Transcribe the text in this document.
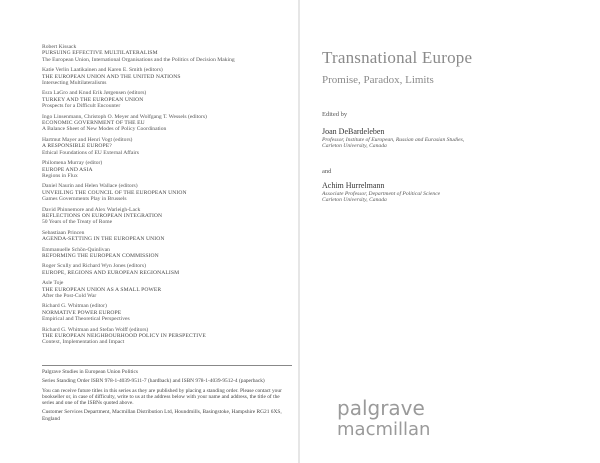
Robert Kissack
PURSUING EFFECTIVE MULTILATERALISM
The European Union, International Organisations and the Politics of Decision Making
Katie Verlin Laatikainen and Karen E. Smith (editors)
THE EUROPEAN UNION AND THE UNITED NATIONS
Intersecting Multilateralisms
Esra LaGro and Knud Erik Jørgensen (editors)
TURKEY AND THE EUROPEAN UNION
Prospects for a Difficult Encounter
Ingo Linsenmann, Christoph O. Meyer and Wolfgang T. Wessels (editors)
ECONOMIC GOVERNMENT OF THE EU
A Balance Sheet of New Modes of Policy Coordination
Hartmut Mayer and Henri Vogt (editors)
A RESPONSIBLE EUROPE?
Ethical Foundations of EU External Affairs
Philomena Murray (editor)
EUROPE AND ASIA
Regions in Flux
Daniel Naurin and Helen Wallace (editors)
UNVEILING THE COUNCIL OF THE EUROPEAN UNION
Games Governments Play in Brussels
David Phinnemore and Alex Warleigh-Lack
REFLECTIONS ON EUROPEAN INTEGRATION
50 Years of the Treaty of Rome
Sebastiaan Princen
AGENDA-SETTING IN THE EUROPEAN UNION
Emmanuelle Schön-Quinlivan
REFORMING THE EUROPEAN COMMISSION
Roger Scully and Richard Wyn Jones (editors)
EUROPE, REGIONS AND EUROPEAN REGIONALISM
Asle Toje
THE EUROPEAN UNION AS A SMALL POWER
After the Post-Cold War
Richard G. Whitman (editor)
NORMATIVE POWER EUROPE
Empirical and Theoretical Perspectives
Richard G. Whitman and Stefan Wolff (editors)
THE EUROPEAN NEIGHBOURHOOD POLICY IN PERSPECTIVE
Context, Implementation and Impact

Palgrave Studies in European Union Politics

Series Standing Order ISBN 978-1-4039-9511-7 (hardback) and ISBN 978-1-4039-9512-4 (paperback)

You can receive future titles in this series as they are published by placing a standing order. Please contact your bookseller or, in case of difficulty, write to us at the address below with your name and address, the title of the series and one of the ISBNs quoted above.

Customer Services Department, Macmillan Distribution Ltd, Houndmills, Basingstoke, Hampshire RG21 6XS, England

Transnational Europe
Promise, Paradox, Limits
Edited by
Joan DeBardeleben
Professor, Institute of European, Russian and Eurasian Studies,
Carleton University, Canada
and
Achim Hurrelmann
Associate Professor, Department of Political Science
Carleton University, Canada
palgrave
macmillan
